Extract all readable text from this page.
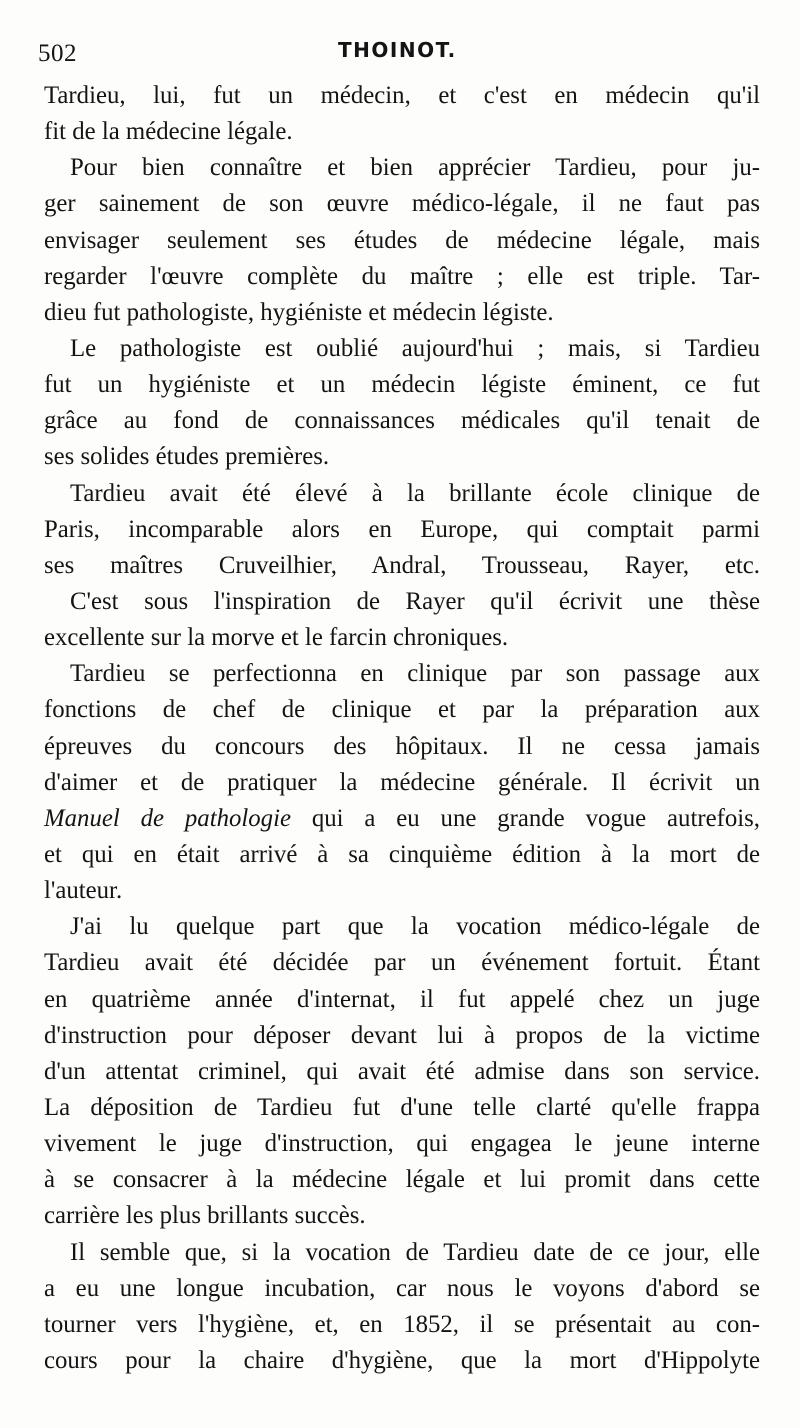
502	THOINOT.
Tardieu, lui, fut un médecin, et c'est en médecin qu'il
fit de la médecine légale.
Pour bien connaître et bien apprécier Tardieu, pour ju-
ger sainement de son œuvre médico-légale, il ne faut pas
envisager seulement ses études de médecine légale, mais
regarder l'œuvre complète du maître ; elle est triple. Tar-
dieu fut pathologiste, hygiéniste et médecin légiste.
Le pathologiste est oublié aujourd'hui ; mais, si Tardieu
fut un hygiéniste et un médecin légiste éminent, ce fut
grâce au fond de connaissances médicales qu'il tenait de
ses solides études premières.
Tardieu avait été élevé à la brillante école clinique de
Paris, incomparable alors en Europe, qui comptait parmi
ses maîtres Cruveilhier, Andral, Trousseau, Rayer, etc.
C'est sous l'inspiration de Rayer qu'il écrivit une thèse
excellente sur la morve et le farcin chroniques.
Tardieu se perfectionna en clinique par son passage aux
fonctions de chef de clinique et par la préparation aux
épreuves du concours des hôpitaux. Il ne cessa jamais
d'aimer et de pratiquer la médecine générale. Il écrivit un
Manuel de pathologie qui a eu une grande vogue autrefois,
et qui en était arrivé à sa cinquième édition à la mort de
l'auteur.
J'ai lu quelque part que la vocation médico-légale de
Tardieu avait été décidée par un événement fortuit. Étant
en quatrième année d'internat, il fut appelé chez un juge
d'instruction pour déposer devant lui à propos de la victime
d'un attentat criminel, qui avait été admise dans son service.
La déposition de Tardieu fut d'une telle clarté qu'elle frappa
vivement le juge d'instruction, qui engagea le jeune interne
à se consacrer à la médecine légale et lui promit dans cette
carrière les plus brillants succès.
Il semble que, si la vocation de Tardieu date de ce jour, elle
a eu une longue incubation, car nous le voyons d'abord se
tourner vers l'hygiène, et, en 1852, il se présentait au con-
cours pour la chaire d'hygiène, que la mort d'Hippolyte
